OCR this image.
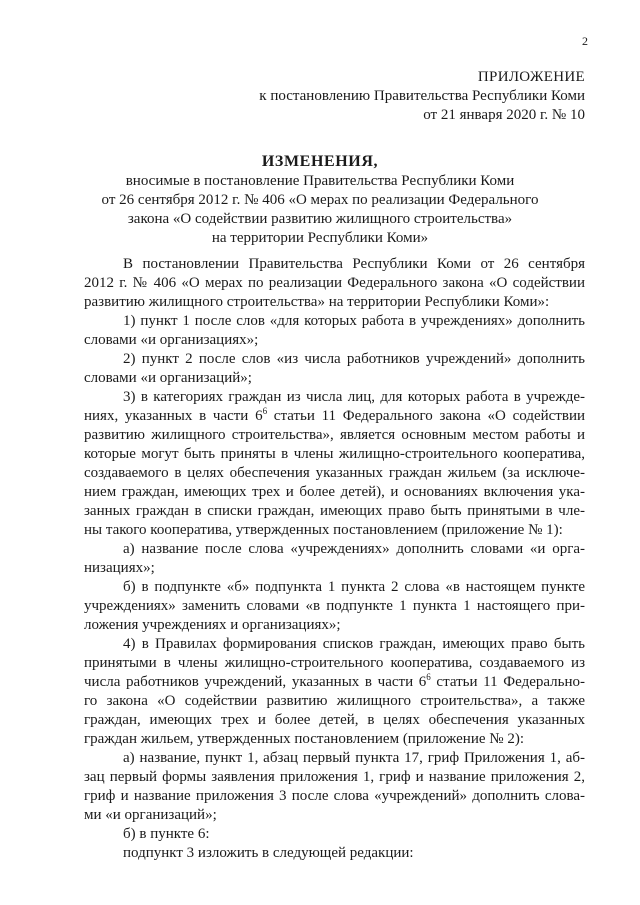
2
ПРИЛОЖЕНИЕ
к постановлению Правительства Республики Коми
от 21 января 2020 г. № 10
ИЗМЕНЕНИЯ,
вносимые в постановление Правительства Республики Коми
от 26 сентября 2012 г. № 406 «О мерах по реализации Федерального
закона «О содействии развитию жилищного строительства»
на территории Республики Коми»
В постановлении Правительства Республики Коми от 26 сентября
2012 г. № 406 «О мерах по реализации Федерального закона «О содействии
развитию жилищного строительства» на территории Республики Коми»:
1) пункт 1 после слов «для которых работа в учреждениях» дополнить
словами «и организациях»;
2) пункт 2 после слов «из числа работников учреждений» дополнить
словами «и организаций»;
3) в категориях граждан из числа лиц, для которых работа в учрежде-
ниях, указанных в части $6^6$ статьи 11 Федерального закона «О содействии
развитию жилищного строительства», является основным местом работы и
которые могут быть приняты в члены жилищно-строительного кооператива,
создаваемого в целях обеспечения указанных граждан жильем (за исключе-
нием граждан, имеющих трех и более детей), и основаниях включения ука-
занных граждан в списки граждан, имеющих право быть принятыми в чле-
ны такого кооператива, утвержденных постановлением (приложение № 1):
а) название после слова «учреждениях» дополнить словами «и орга-
низациях»;
б) в подпункте «б» подпункта 1 пункта 2 слова «в настоящем пункте
учреждениях» заменить словами «в подпункте 1 пункта 1 настоящего при-
ложения учреждениях и организациях»;
4) в Правилах формирования списков граждан, имеющих право быть
принятыми в члены жилищно-строительного кооператива, создаваемого из
числа работников учреждений, указанных в части $6^6$ статьи 11 Федерально-
го закона «О содействии развитию жилищного строительства», а также
граждан, имеющих трех и более детей, в целях обеспечения указанных
граждан жильем, утвержденных постановлением (приложение № 2):
а) название, пункт 1, абзац первый пункта 17, гриф Приложения 1, аб-
зац первый формы заявления приложения 1, гриф и название приложения 2,
гриф и название приложения 3 после слова «учреждений» дополнить слова-
ми «и организаций»;
б) в пункте 6:
подпункт 3 изложить в следующей редакции:
